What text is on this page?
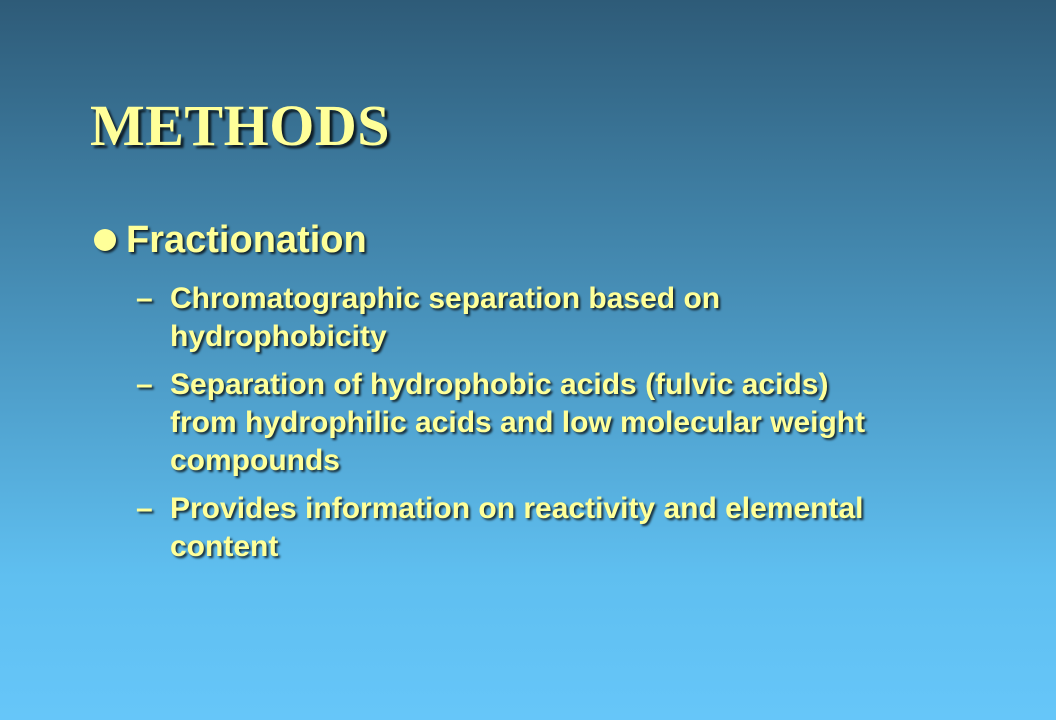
METHODS
Fractionation
– Chromatographic separation based on hydrophobicity
– Separation of hydrophobic acids (fulvic acids) from hydrophilic acids and low molecular weight compounds
– Provides information on reactivity and elemental content
